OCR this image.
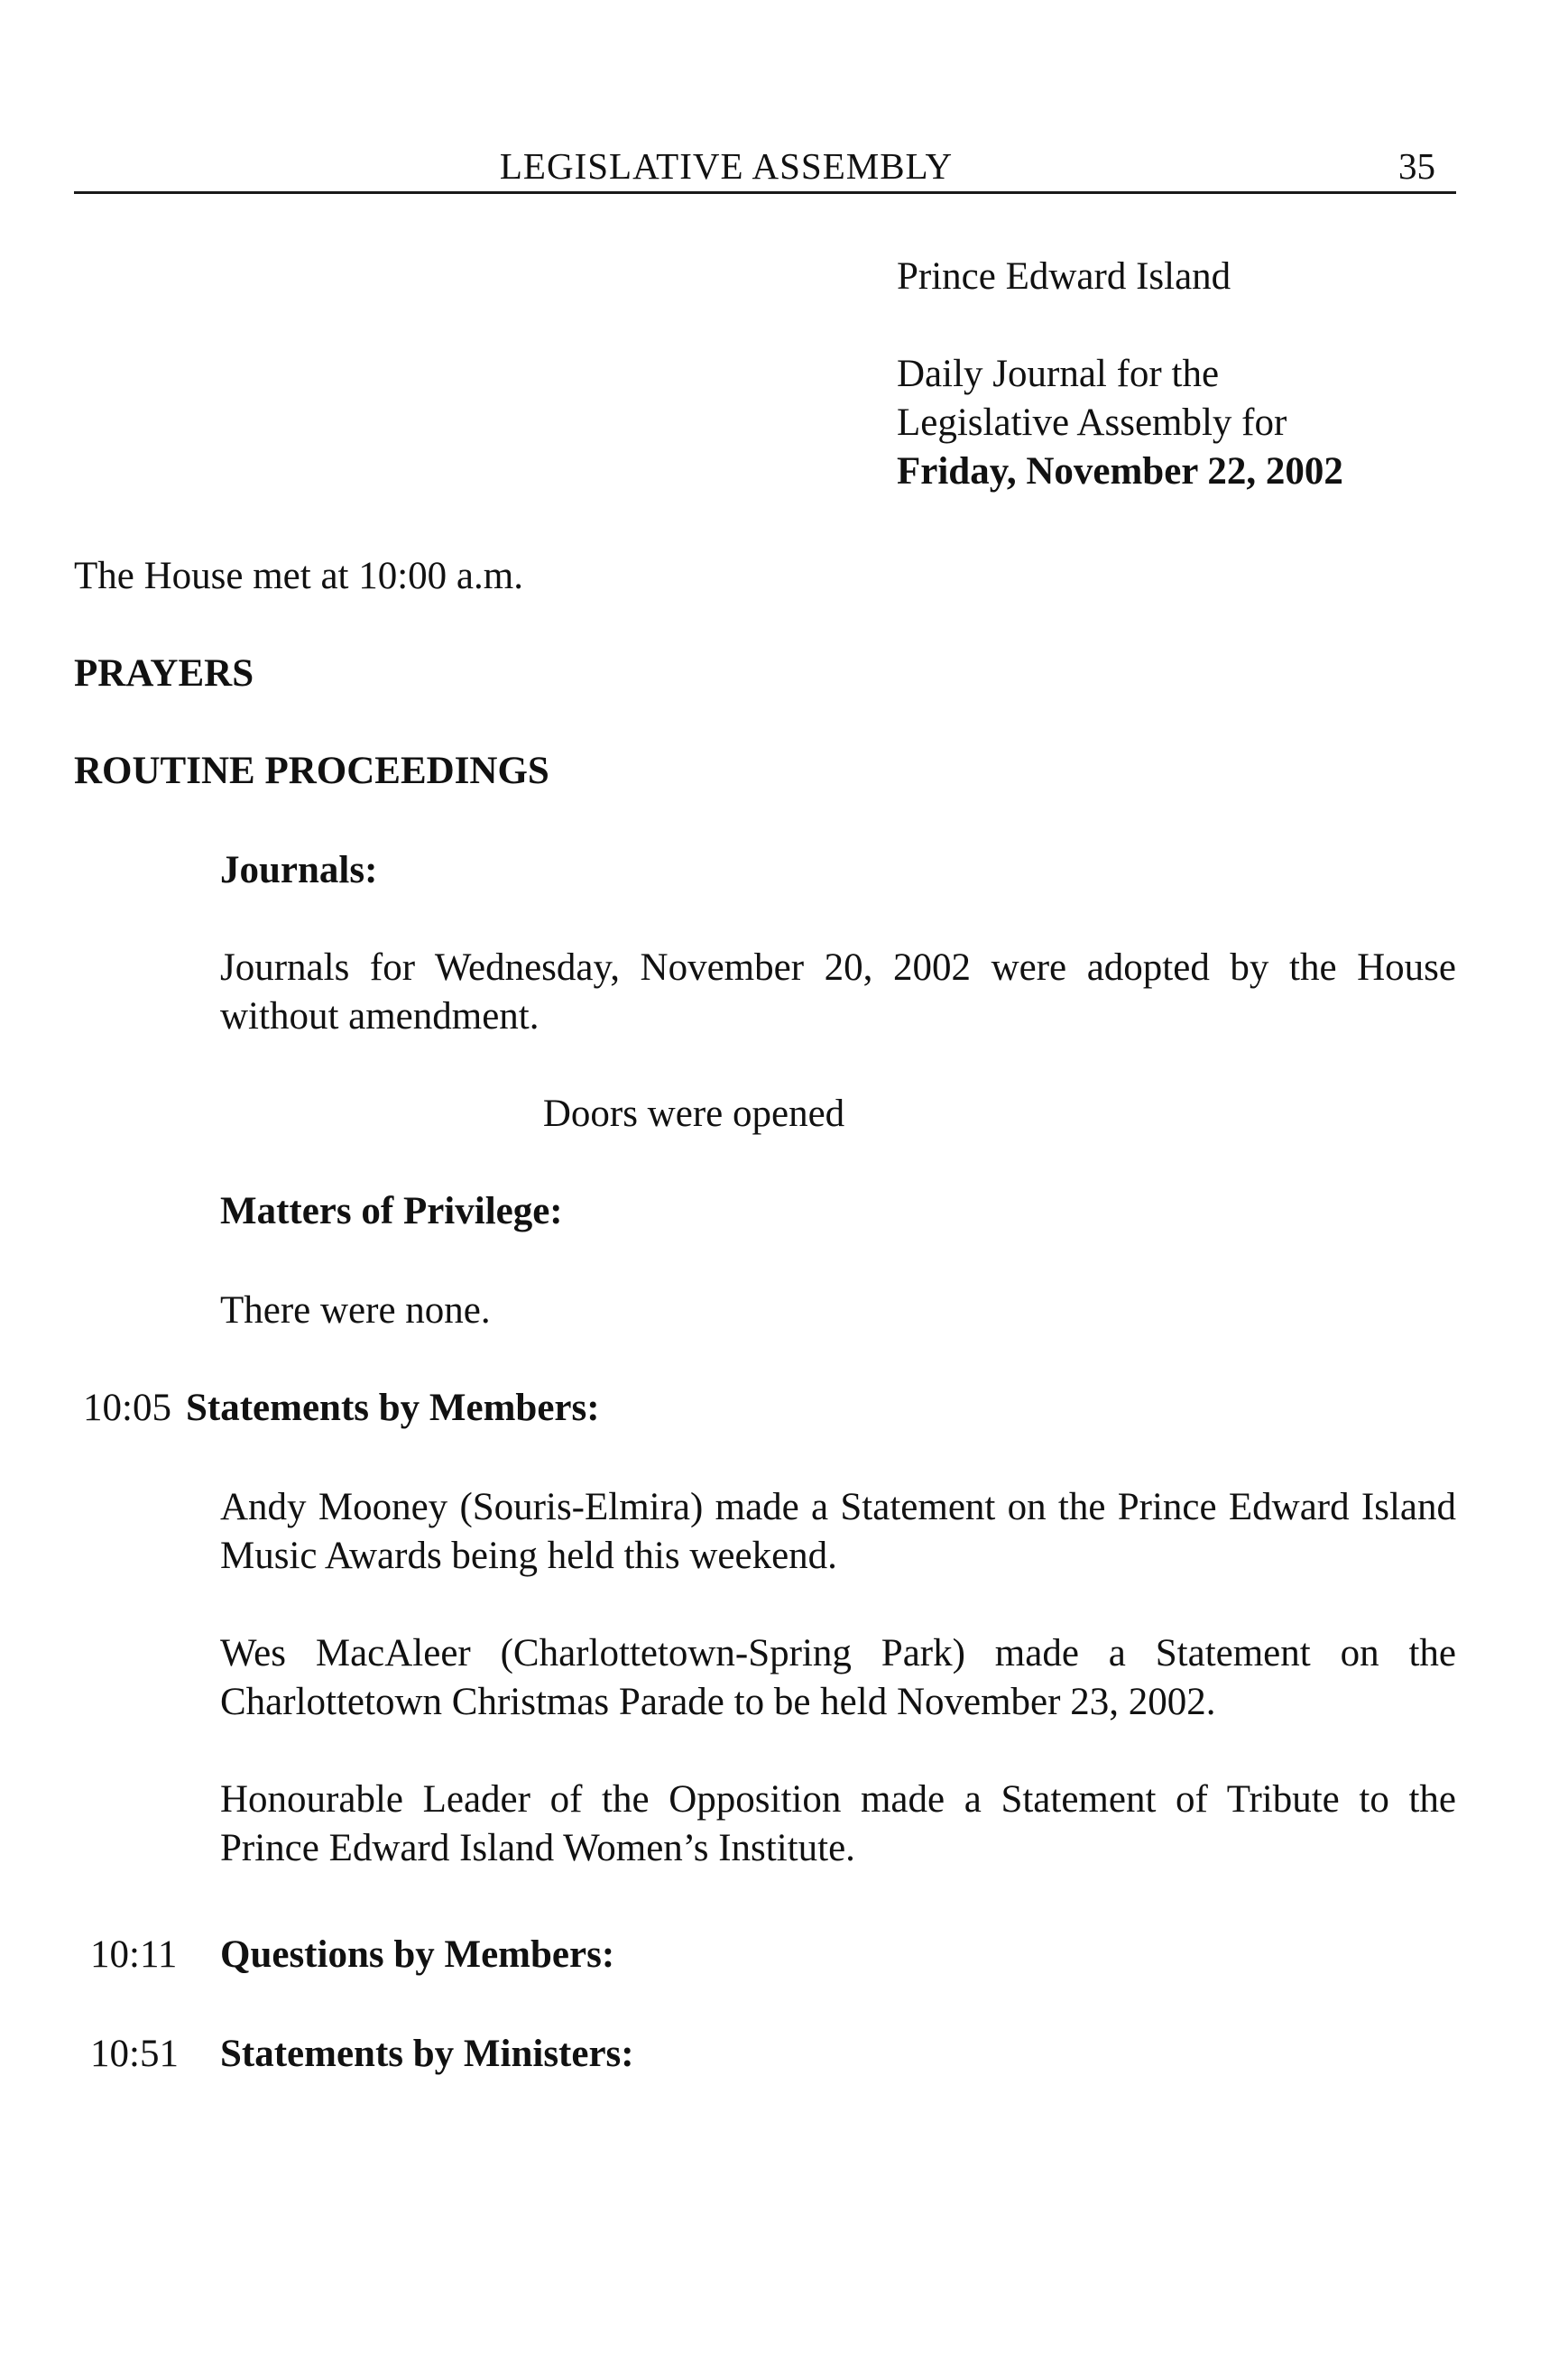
LEGISLATIVE ASSEMBLY	35
Prince Edward Island
Daily Journal for the
Legislative Assembly for
Friday, November 22, 2002
The House met at 10:00 a.m.
PRAYERS
ROUTINE PROCEEDINGS
Journals:
Journals for Wednesday, November 20, 2002 were adopted by the House without amendment.
Doors were opened
Matters of Privilege:
There were none.
10:05 Statements by Members:
Andy Mooney (Souris-Elmira) made a Statement on the Prince Edward Island Music Awards being held this weekend.
Wes MacAleer (Charlottetown-Spring Park) made a Statement on the Charlottetown Christmas Parade to be held November 23, 2002.
Honourable Leader of the Opposition made a Statement of Tribute to the Prince Edward Island Women’s Institute.
10:11 Questions by Members:
10:51 Statements by Ministers:
